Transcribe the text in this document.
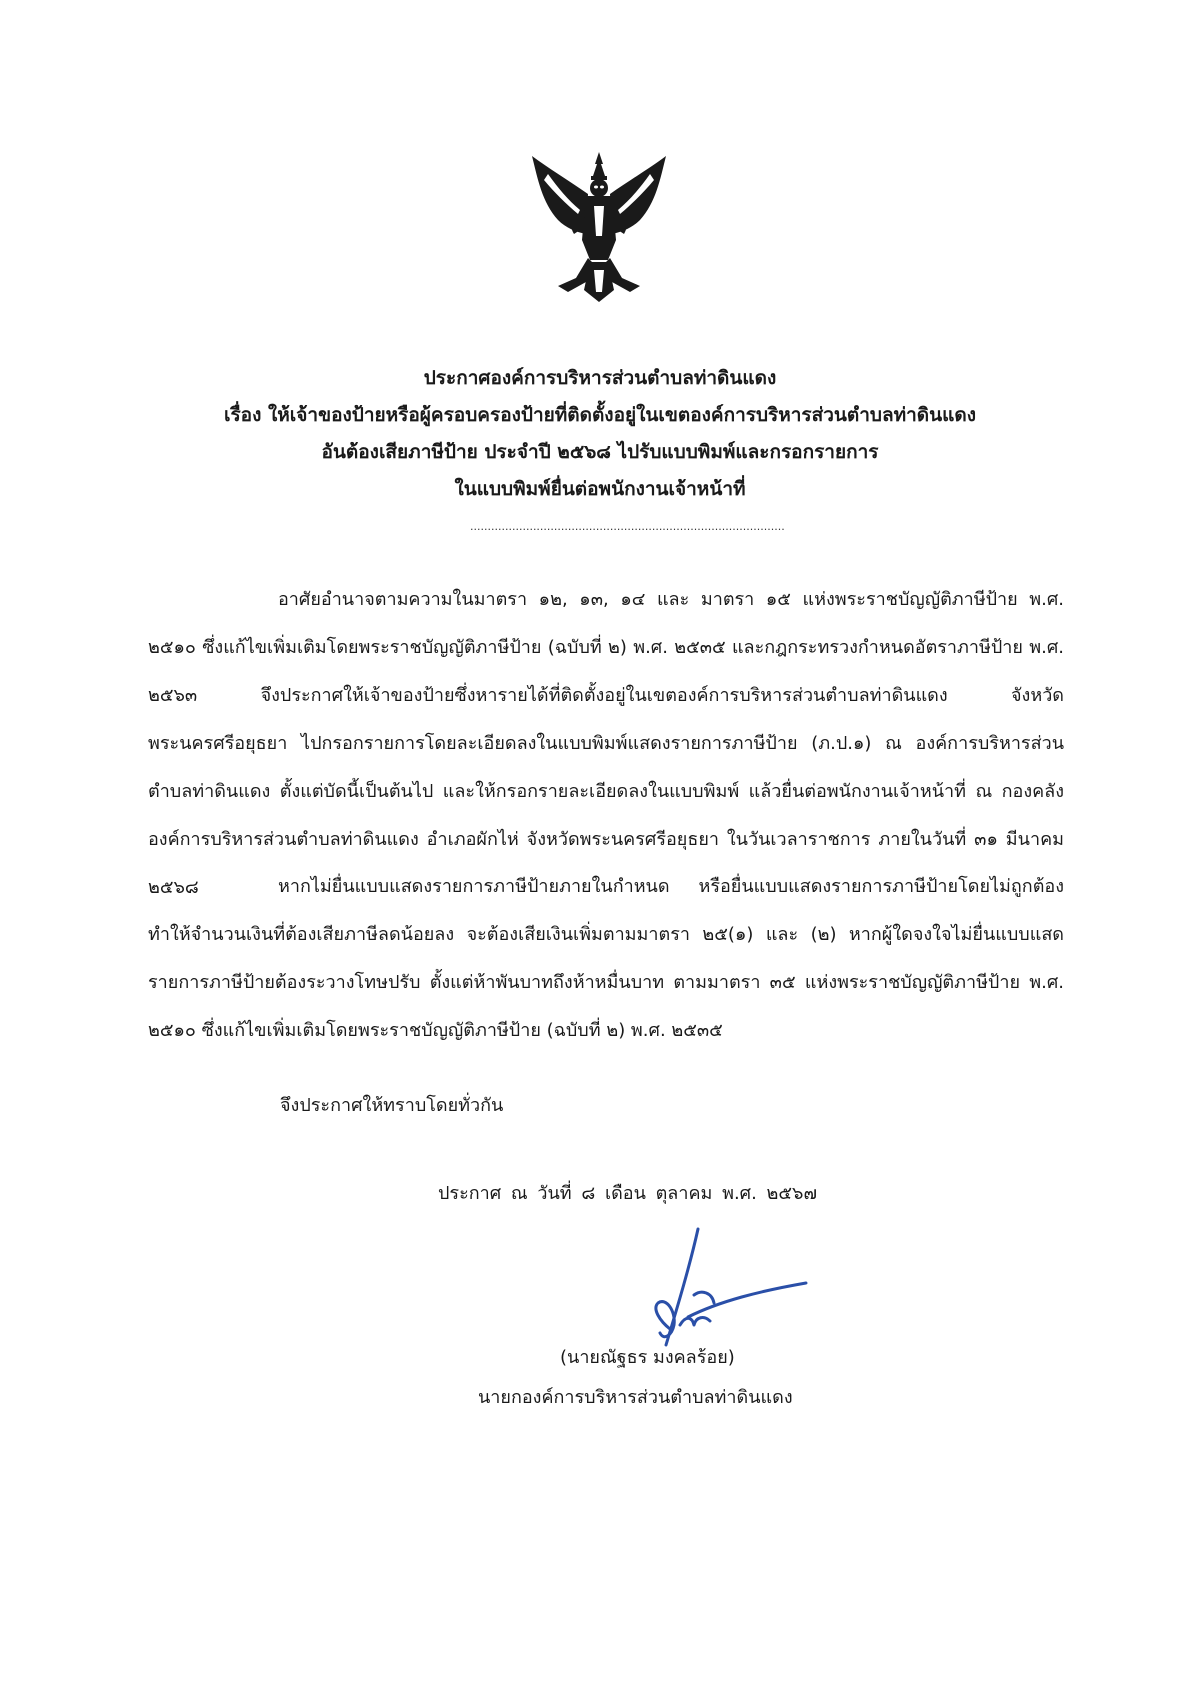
ประกาศองค์การบริหารส่วนตำบลท่าดินแดง
เรื่อง ให้เจ้าของป้ายหรือผู้ครอบครองป้ายที่ติดตั้งอยู่ในเขตองค์การบริหารส่วนตำบลท่าดินแดง
อันต้องเสียภาษีป้าย ประจำปี ๒๕๖๘ ไปรับแบบพิมพ์และกรอกรายการ
ในแบบพิมพ์ยื่นต่อพนักงานเจ้าหน้าที่
..........................................................................................

อาศัยอำนาจตามความในมาตรา ๑๒, ๑๓, ๑๔ และ มาตรา ๑๕ แห่งพระราชบัญญัติภาษีป้าย พ.ศ. ๒๕๑๐ ซึ่งแก้ไขเพิ่มเติมโดยพระราชบัญญัติภาษีป้าย (ฉบับที่ ๒) พ.ศ. ๒๕๓๕ และกฎกระทรวงกำหนดอัตราภาษีป้าย พ.ศ. ๒๕๖๓ จึงประกาศให้เจ้าของป้ายซึ่งหารายได้ที่ติดตั้งอยู่ในเขตองค์การบริหารส่วนตำบลท่าดินแดง จังหวัดพระนครศรีอยุธยา ไปกรอกรายการโดยละเอียดลงในแบบพิมพ์แสดงรายการภาษีป้าย (ภ.ป.๑) ณ องค์การบริหารส่วนตำบลท่าดินแดง ตั้งแต่บัดนี้เป็นต้นไป และให้กรอกรายละเอียดลงในแบบพิมพ์ แล้วยื่นต่อพนักงานเจ้าหน้าที่ ณ กองคลัง องค์การบริหารส่วนตำบลท่าดินแดง อำเภอผักไห่ จังหวัดพระนครศรีอยุธยา ในวันเวลาราชการ ภายในวันที่ ๓๑ มีนาคม ๒๕๖๘	หากไม่ยื่นแบบแสดงรายการภาษีป้ายภายในกำหนด หรือยื่นแบบแสดงรายการภาษีป้ายโดยไม่ถูกต้องทำให้จำนวนเงินที่ต้องเสียภาษีลดน้อยลง จะต้องเสียเงินเพิ่มตามมาตรา ๒๕(๑) และ (๒) หากผู้ใดจงใจไม่ยื่นแบบแสดรายการภาษีป้ายต้องระวางโทษปรับ ตั้งแต่ห้าพันบาทถึงห้าหมื่นบาท ตามมาตรา ๓๕ แห่งพระราชบัญญัติภาษีป้าย พ.ศ. ๒๕๑๐ ซึ่งแก้ไขเพิ่มเติมโดยพระราชบัญญัติภาษีป้าย (ฉบับที่ ๒) พ.ศ. ๒๕๓๕

จึงประกาศให้ทราบโดยทั่วกัน
ประกาศ ณ วันที่ ๘ เดือน ตุลาคม พ.ศ. ๒๕๖๗
(นายณัฐธร มงคลร้อย)
นายกองค์การบริหารส่วนตำบลท่าดินแดง
